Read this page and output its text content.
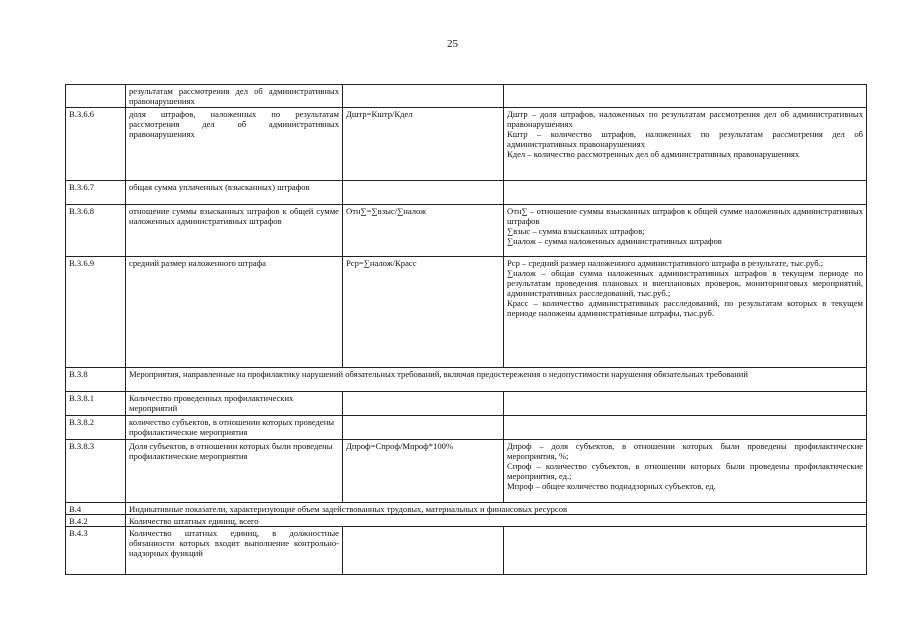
25
	результатам рассмотрения дел об административных правонарушениях		
В.3.6.6	доля штрафов, наложенных по результатам рассмотрения дел об административных правонарушениях	Дштр=Кштр/Кдел	Дштр – доля штрафов, наложенных по результатам рассмотрения дел об административных правонарушениях
Кштр – количество штрафов, наложенных по результатам рассмотрения дел об административных правонарушениях
Кдел – количество рассмотренных дел об административных правонарушениях
В.3.6.7	общая сумма уплаченных (взысканных) штрафов		
В.3.6.8	отношение суммы взысканных штрафов к общей сумме наложенных административных штрафов	Отн∑=∑взыс/∑налож	Отн∑ – отношение суммы взысканных штрафов к общей сумме наложенных административных штрафов
∑взыс – сумма взысканных штрафов;
∑налож – сумма наложенных административных штрафов
В.3.6.9	средний размер наложенного штрафа	Рср=∑налож/Красс	Рср – средний размер наложенного административного штрафа в результате, тыс.руб.;
∑налож – общая сумма наложенных административных штрафов в текущем периоде по результатам проведения плановых и внеплановых проверок, мониторинговых мероприятий, административных расследований, тыс.руб.;
Красс – количество административных расследований, по результатам которых в текущем периоде наложены административные штрафы, тыс.руб.
В.3.8	Мероприятия, направленные на профилактику нарушений обязательных требований, включая предостережения о недопустимости нарушения обязательных требований		
В.3.8.1	Количество проведенных профилактических мероприятий		
В.3.8.2	количество субъектов, в отношении которых проведены профилактические мероприятия		
В.3.8.3	Доля субъектов, в отношении которых были проведены профилактические мероприятия	Дпроф=Спроф/Мпроф*100%	Дпроф – доля субъектов, в отношении которых были проведены профилактические мероприятия, %;
Спроф – количество субъектов, в отношении которых были проведены профилактические мероприятия, ед.;
Мпроф – общее количество поднадзорных субъектов, ед.
В.4	Индикативные показатели, характеризующие объем задействованных трудовых, материальных и финансовых ресурсов		
В.4.2	Количество штатных единиц, всего		
В.4.3	Количество штатных единиц, в должностные обязанности которых входит выполнение контрольно-надзорных функций		
